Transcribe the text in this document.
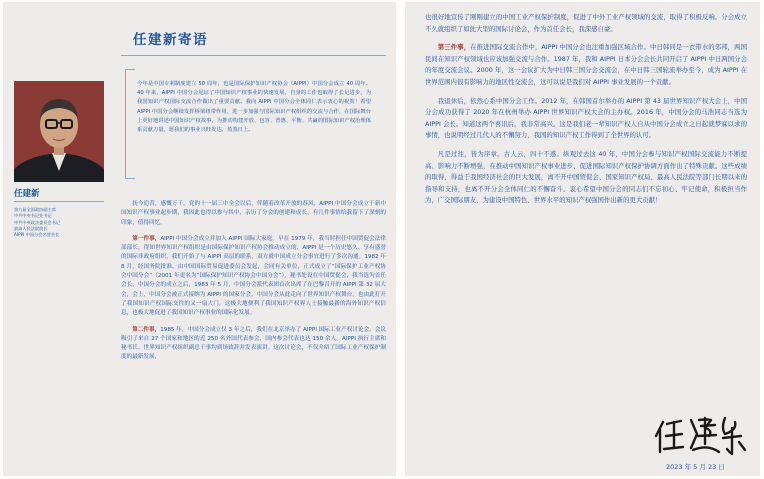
任建新寄语
任建新
第九届全国政协副主席
中共中央书记处书记
中共中央政法委员会书记
最高人民法院院长
AIPPI 中国分会名誉会长
今年是中国专利制度建立 50 周年，也是国际保护知识产权协会（AIPPI）中国分会成立 40 周年。40 年来，AIPPI 中国分会见证了中国知识产权事业的快速发展，自身的工作也取得了长足进步，为我国知识产权国际交流合作做出了重要贡献。我向 AIPPI 中国分会全体同仁表示衷心的祝贺！希望 AIPPI 中国分会继续发挥桥梁纽带作用，进一步加强与国际知识产权组织的交流与合作，在国际舞台上更好地讲述中国知识产权故事，为推动构建开放、包容、普惠、平衡、共赢的国际知识产权治理体系贡献力量，愿我们的事业兴旺发达，蒸蒸日上。

抚今追昔，感慨万千。党的十一届三中全会以后，伴随着改革开放的春风，AIPPI 中国分会成立于新中国知识产权事业起步期，我因此也得以参与其中，亲历了分会的创建和成长，有几件事情给我留下了深刻的印象，值得回忆。

第一件事，AIPPI 中国分会成立并加入 AIPPI 国际大家庭。早在 1979 年，我当时担任中国贸促会法律部部长，得知世界知识产权组织是由国际保护知识产权协会推动成立的，AIPPI 是一个历史悠久、享有盛誉的国际非政府组织，我们开始了与 AIPPI 高层的联系，双方就中国成立分会事宜进行了多次沟通。1982 年 8 月，经国务院批准，由中国国际贸易促进委员会发起，会同有关单位，正式成立了“国际保护工业产权协会中国分会”（2001 年更名为“国际保护知识产权协会中国分会”），秘书处设在中国贸促会，我当选为首任会长。中国分会的成立之后，1983 年 5 月，中国分会派代表团首次出席了在巴黎召开的 AIPPI 第 32 届大会，会上，中国分会被正式接纳为 AIPPI 的国家分会。中国分会从此走向了世界知识产权舞台，也由此打开了我国知识产权国际交往的又一扇大门。这极大地便利了我国知识产权界人士接触最新的海外知识产权信息，也极大地促进了我国知识产权事业的国际化发展。

第二件事，1985 年，中国分会成立仅 3 年之后，我们在北京举办了 AIPPI 国际工业产权讨论会。会议吸引了来自 27 个国家和地区的近 250 名外国代表参会，国内参会代表也达 150 余人。AIPPI 执行主席和秘书长、世界知识产权组织副总干事均到场致辞并发表演讲。这次讨论会，不仅介绍了国际工业产权保护制度的最新发展，

也很好地宣传了刚刚建立的中国工业产权保护制度，促进了中外工业产权领域的交流，取得了积极反响。分会成立不久就组织了如此大型的国际讨论会，作为首任会长，我深感自豪。

第三件事，在推进国际交流合作中，AIPPI 中国分会也注重加强区域合作。中日韩同是一衣带水的邻邦，两国民间在知识产权领域也应该加强交流与合作。1987 年，我和 AIPPI 日本分会会长共同开启了 AIPPI 中日两国分会的年度交流会议。2000 年，这一会议扩大为中日韩三国分会交流会，在中日韩三国轮流举办至今，成为 AIPPI 在世界范围内很有影响力的地区性交流会，这可以说是我们对 AIPPI 事业发展的一个贡献。

我退休后，依然心系中国分会工作。2012 年，在韩国首尔举办的 AIPPI 第 43 届世界知识产权大会上，中国分会成功获得了 2020 年在杭州举办 AIPPI 世界知识产权大会的主办权。2016 年，中国分会的马浩同志当选为 AIPPI 会长。知道这两个喜讯后，我非常高兴。这是我们老一辈知识产权人自从中国分会成立之日起就梦寐以求的事情，也说明经过几代人的不懈努力，我国的知识产权工作得到了全世界的认可。

凡是过往，皆为序章。古人云，四十不惑。纵观过去这 40 年，中国分会参与知识产权国际交流能力不断提高、影响力不断增强，在推动中国知识产权事业进步、促进国际知识产权保护协调方面作出了特殊贡献。这些成绩的取得，得益于我国经济社会的巨大发展，离不开中国贸促会、国家知识产权局、最高人民法院等部门长期以来的指导和支持，也离不开分会全体同仁的不懈奋斗。衷心希望中国分会的同志们不忘初心、牢记使命，积极担当作为，广交国际朋友，为建设中国特色、世界水平的知识产权强国作出新的更大贡献！

2023 年 5 月 23 日
